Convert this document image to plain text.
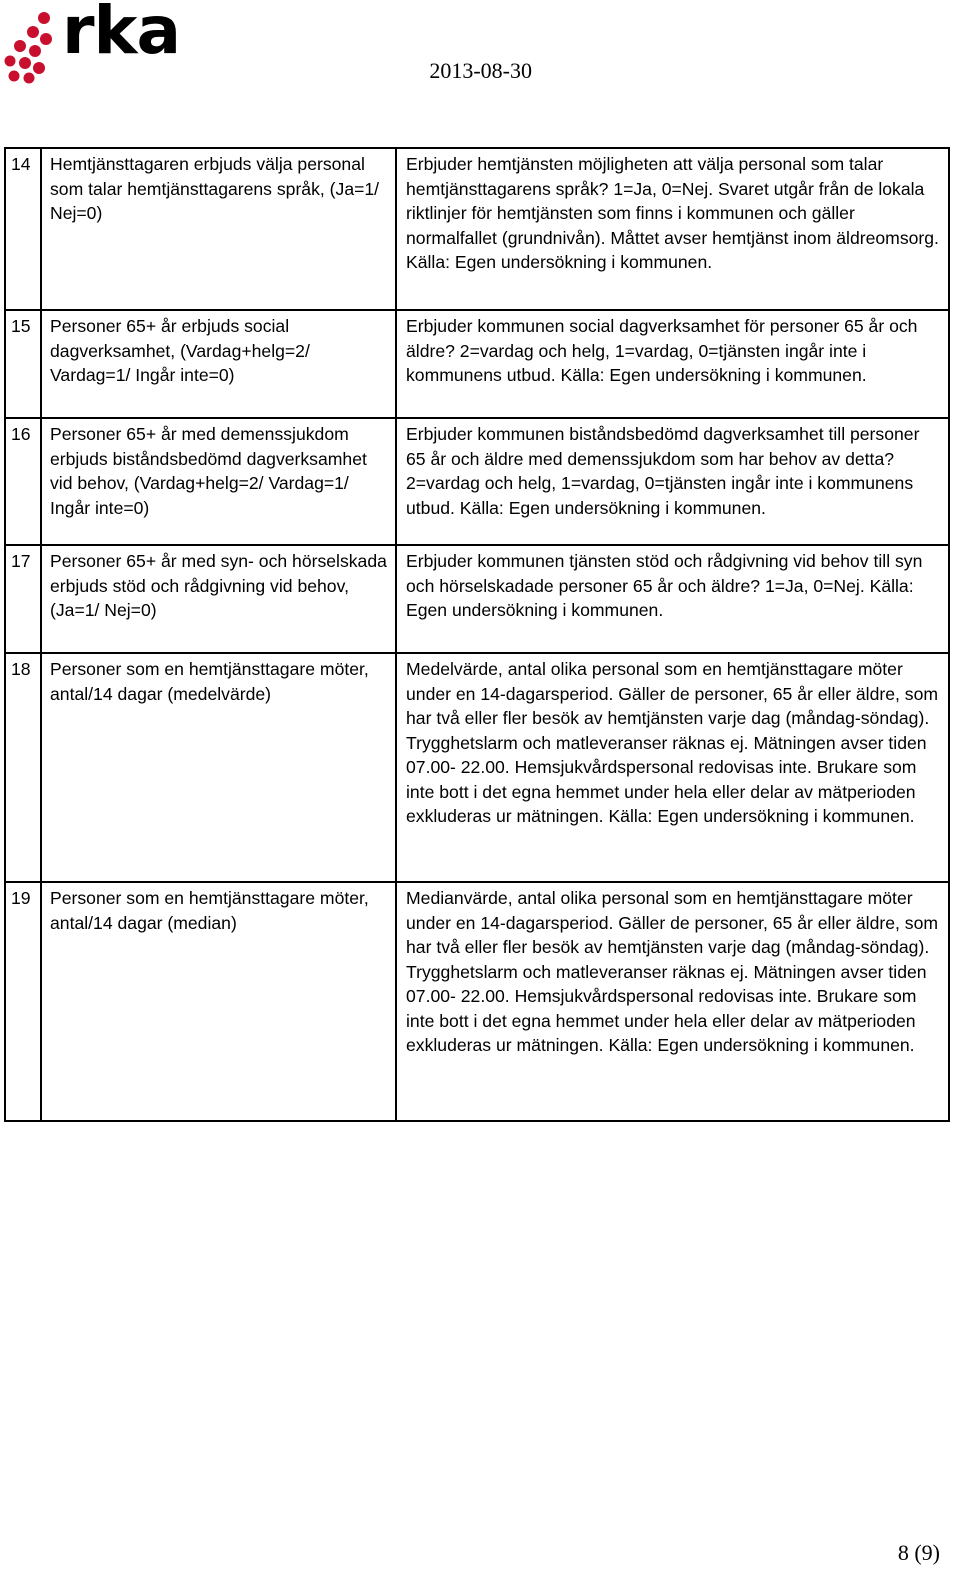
rka
2013-08-30
14	Hemtjänsttagaren erbjuds välja personal som talar hemtjänsttagarens språk, (Ja=1/ Nej=0)	Erbjuder hemtjänsten möjligheten att välja personal som talar hemtjänsttagarens språk? 1=Ja, 0=Nej. Svaret utgår från de lokala riktlinjer för hemtjänsten som finns i kommunen och gäller normalfallet (grundnivån). Måttet avser hemtjänst inom äldreomsorg. Källa: Egen undersökning i kommunen.
15	Personer 65+ år erbjuds social dagverksamhet, (Vardag+helg=2/ Vardag=1/ Ingår inte=0)	Erbjuder kommunen social dagverksamhet för personer 65 år och äldre? 2=vardag och helg, 1=vardag, 0=tjänsten ingår inte i kommunens utbud. Källa: Egen undersökning i kommunen.
16	Personer 65+ år med demenssjukdom erbjuds biståndsbedömd dagverksamhet vid behov, (Vardag+helg=2/ Vardag=1/ Ingår inte=0)	Erbjuder kommunen biståndsbedömd dagverksamhet till personer 65 år och äldre med demenssjukdom som har behov av detta? 2=vardag och helg, 1=vardag, 0=tjänsten ingår inte i kommunens utbud. Källa: Egen undersökning i kommunen.
17	Personer 65+ år med syn- och hörselskada erbjuds stöd och rådgivning vid behov, (Ja=1/ Nej=0)	Erbjuder kommunen tjänsten stöd och rådgivning vid behov till syn och hörselskadade personer 65 år och äldre? 1=Ja, 0=Nej. Källa: Egen undersökning i kommunen.
18	Personer som en hemtjänsttagare möter, antal/14 dagar (medelvärde)	Medelvärde, antal olika personal som en hemtjänsttagare möter under en 14-dagarsperiod. Gäller de personer, 65 år eller äldre, som har två eller fler besök av hemtjänsten varje dag (måndag-söndag). Trygghetslarm och matleveranser räknas ej. Mätningen avser tiden 07.00- 22.00. Hemsjukvårdspersonal redovisas inte. Brukare som inte bott i det egna hemmet under hela eller delar av mätperioden exkluderas ur mätningen. Källa: Egen undersökning i kommunen.
19	Personer som en hemtjänsttagare möter, antal/14 dagar (median)	Medianvärde, antal olika personal som en hemtjänsttagare möter under en 14-dagarsperiod. Gäller de personer, 65 år eller äldre, som har två eller fler besök av hemtjänsten varje dag (måndag-söndag). Trygghetslarm och matleveranser räknas ej. Mätningen avser tiden 07.00- 22.00. Hemsjukvårdspersonal redovisas inte. Brukare som inte bott i det egna hemmet under hela eller delar av mätperioden exkluderas ur mätningen. Källa: Egen undersökning i kommunen.
8 (9)
